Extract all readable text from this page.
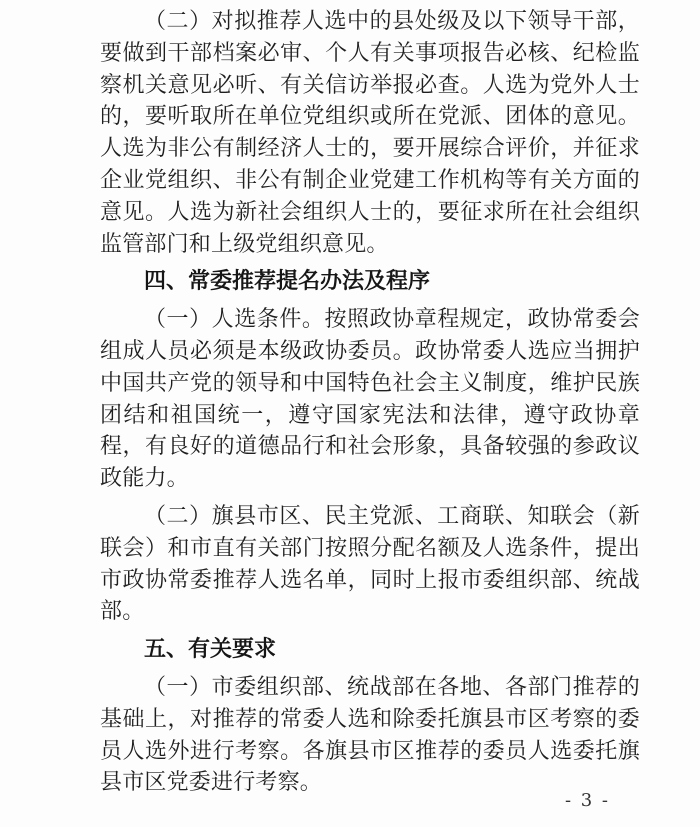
（二）对拟推荐人选中的县处级及以下领导干部，要做到干部档案必审、个人有关事项报告必核、纪检监察机关意见必听、有关信访举报必查。人选为党外人士的，要听取所在单位党组织或所在党派、团体的意见。人选为非公有制经济人士的，要开展综合评价，并征求企业党组织、非公有制企业党建工作机构等有关方面的意见。人选为新社会组织人士的，要征求所在社会组织监管部门和上级党组织意见。

四、常委推荐提名办法及程序

（一）人选条件。按照政协章程规定，政协常委会组成人员必须是本级政协委员。政协常委人选应当拥护中国共产党的领导和中国特色社会主义制度，维护民族团结和祖国统一，遵守国家宪法和法律，遵守政协章程，有良好的道德品行和社会形象，具备较强的参政议政能力。

（二）旗县市区、民主党派、工商联、知联会（新联会）和市直有关部门按照分配名额及人选条件，提出市政协常委推荐人选名单，同时上报市委组织部、统战部。

五、有关要求

（一）市委组织部、统战部在各地、各部门推荐的基础上，对推荐的常委人选和除委托旗县市区考察的委员人选外进行考察。各旗县市区推荐的委员人选委托旗县市区党委进行考察。

- 3 -
